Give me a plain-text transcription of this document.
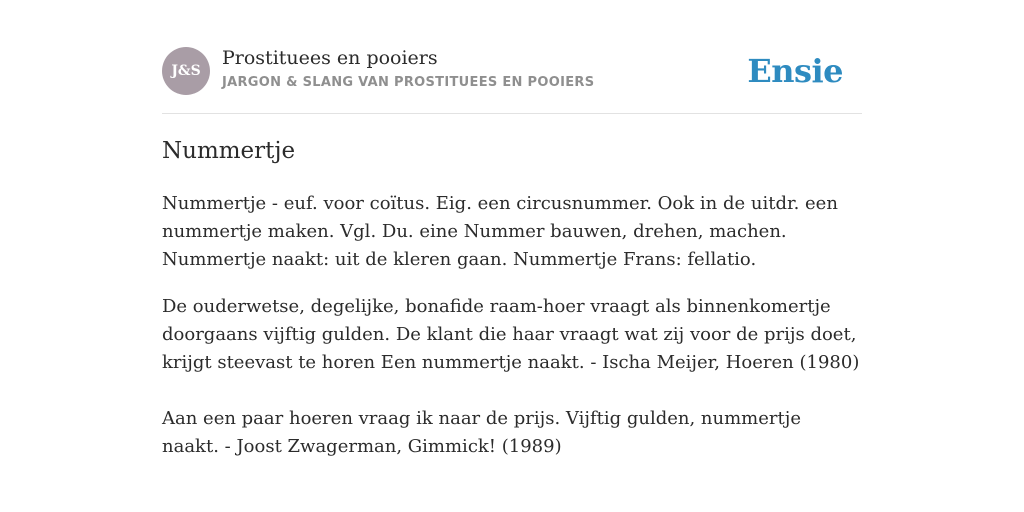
J&S
Prostituees en pooiers
JARGON & SLANG VAN PROSTITUEES EN POOIERS	Ensie
Nummertje

Nummertje - euf. voor coïtus. Eig. een circusnummer. Ook in de uitdr. een nummertje maken. Vgl. Du. eine Nummer bauwen, drehen, machen. Nummertje naakt: uit de kleren gaan. Nummertje Frans: fellatio.

De ouderwetse, degelijke, bonafide raam-hoer vraagt als binnenkomertje doorgaans vijftig gulden. De klant die haar vraagt wat zij voor de prijs doet, krijgt steevast te horen Een nummertje naakt. - Ischa Meijer, Hoeren (1980)

Aan een paar hoeren vraag ik naar de prijs. Vijftig gulden, nummertje naakt. - Joost Zwagerman, Gimmick! (1989)
